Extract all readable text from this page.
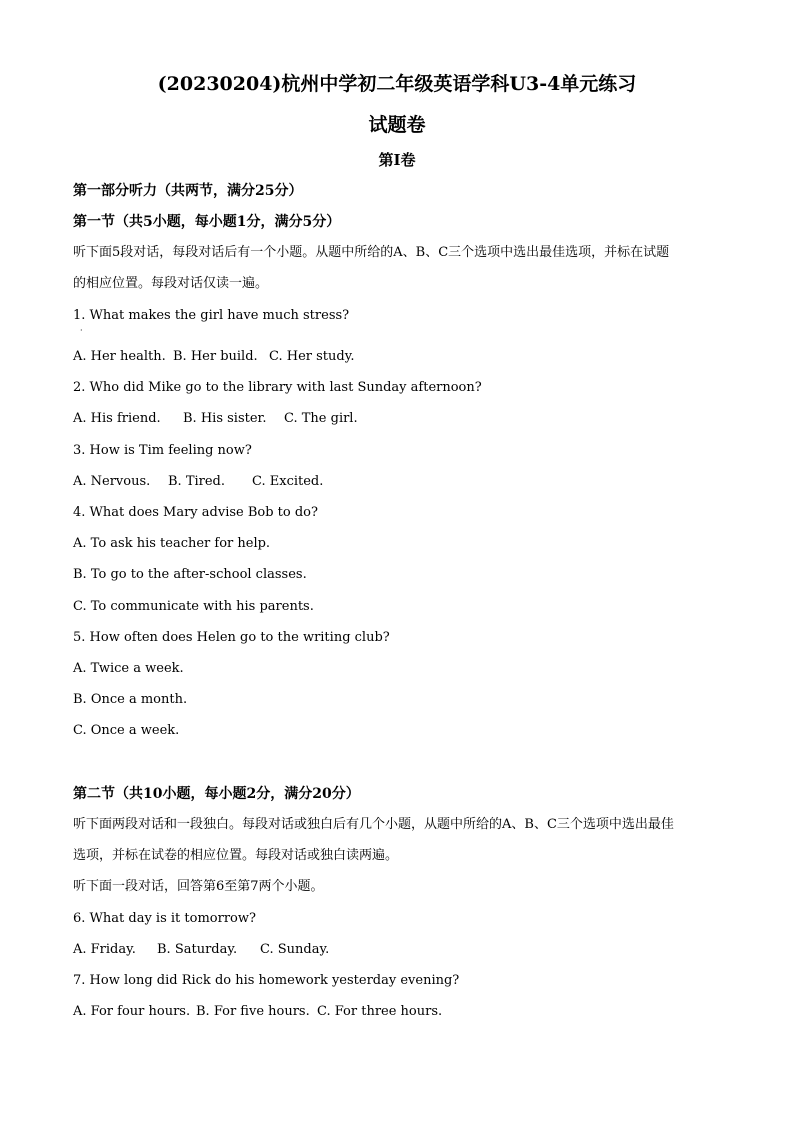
(20230204)杭州中学初二年级英语学科U3-4单元练习
试题卷
第I卷
第一部分听力（共两节，满分25分）
第一节（共5小题，每小题1分，满分5分）
听下面5段对话，每段对话后有一个小题。从题中所给的A、B、C三个选项中选出最佳选项，并标在试题
的相应位置。每段对话仅读一遍。
1. What makes the girl have much stress?
·
A. Her health. B. Her build. C. Her study.
2. Who did Mike go to the library with last Sunday afternoon?
A. His friend. B. His sister. C. The girl.
3. How is Tim feeling now?
A. Nervous. B. Tired. C. Excited.
4. What does Mary advise Bob to do?
A. To ask his teacher for help.
B. To go to the after-school classes.
C. To communicate with his parents.
5. How often does Helen go to the writing club?
A. Twice a week.
B. Once a month.
C. Once a week.
第二节（共10小题，每小题2分，满分20分）
听下面两段对话和一段独白。每段对话或独白后有几个小题，从题中所给的A、B、C三个选项中选出最佳
选项，并标在试卷的相应位置。每段对话或独白读两遍。
听下面一段对话，回答第6至第7两个小题。
6. What day is it tomorrow?
A. Friday. B. Saturday. C. Sunday.
7. How long did Rick do his homework yesterday evening?
A. For four hours. B. For five hours. C. For three hours.
